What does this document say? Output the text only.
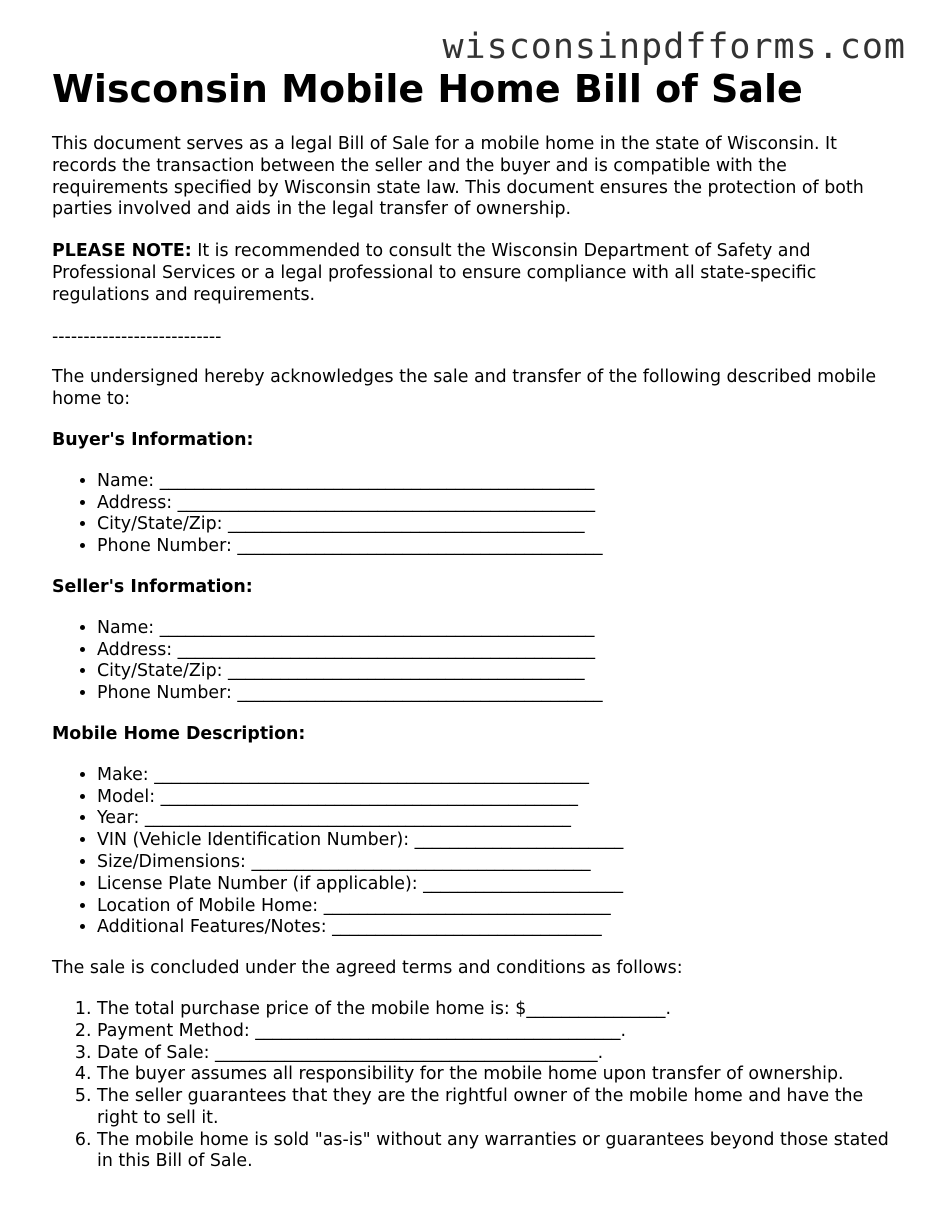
wisconsinpdfforms.com
Wisconsin Mobile Home Bill of Sale

This document serves as a legal Bill of Sale for a mobile home in the state of Wisconsin. It records the transaction between the seller and the buyer and is compatible with the requirements specified by Wisconsin state law. This document ensures the protection of both parties involved and aids in the legal transfer of ownership.

PLEASE NOTE: It is recommended to consult the Wisconsin Department of Safety and Professional Services or a legal professional to ensure compliance with all state-specific regulations and requirements.

---------------------------

The undersigned hereby acknowledges the sale and transfer of the following described mobile home to:

Buyer's Information:
• Name: __________________________________________________
• Address: ________________________________________________
• City/State/Zip: _________________________________________
• Phone Number: __________________________________________
Seller's Information:
• Name: __________________________________________________
• Address: ________________________________________________
• City/State/Zip: _________________________________________
• Phone Number: __________________________________________
Mobile Home Description:
• Make: __________________________________________________
• Model: ________________________________________________
• Year: _________________________________________________
• VIN (Vehicle Identification Number): ________________________
• Size/Dimensions: _______________________________________
• License Plate Number (if applicable): _______________________
• Location of Mobile Home: _________________________________
• Additional Features/Notes: _______________________________

The sale is concluded under the agreed terms and conditions as follows:

1. The total purchase price of the mobile home is: $________________.
2. Payment Method: __________________________________________.
3. Date of Sale: ____________________________________________.
4. The buyer assumes all responsibility for the mobile home upon transfer of ownership.
5. The seller guarantees that they are the rightful owner of the mobile home and have the right to sell it.
6. The mobile home is sold "as-is" without any warranties or guarantees beyond those stated in this Bill of Sale.
